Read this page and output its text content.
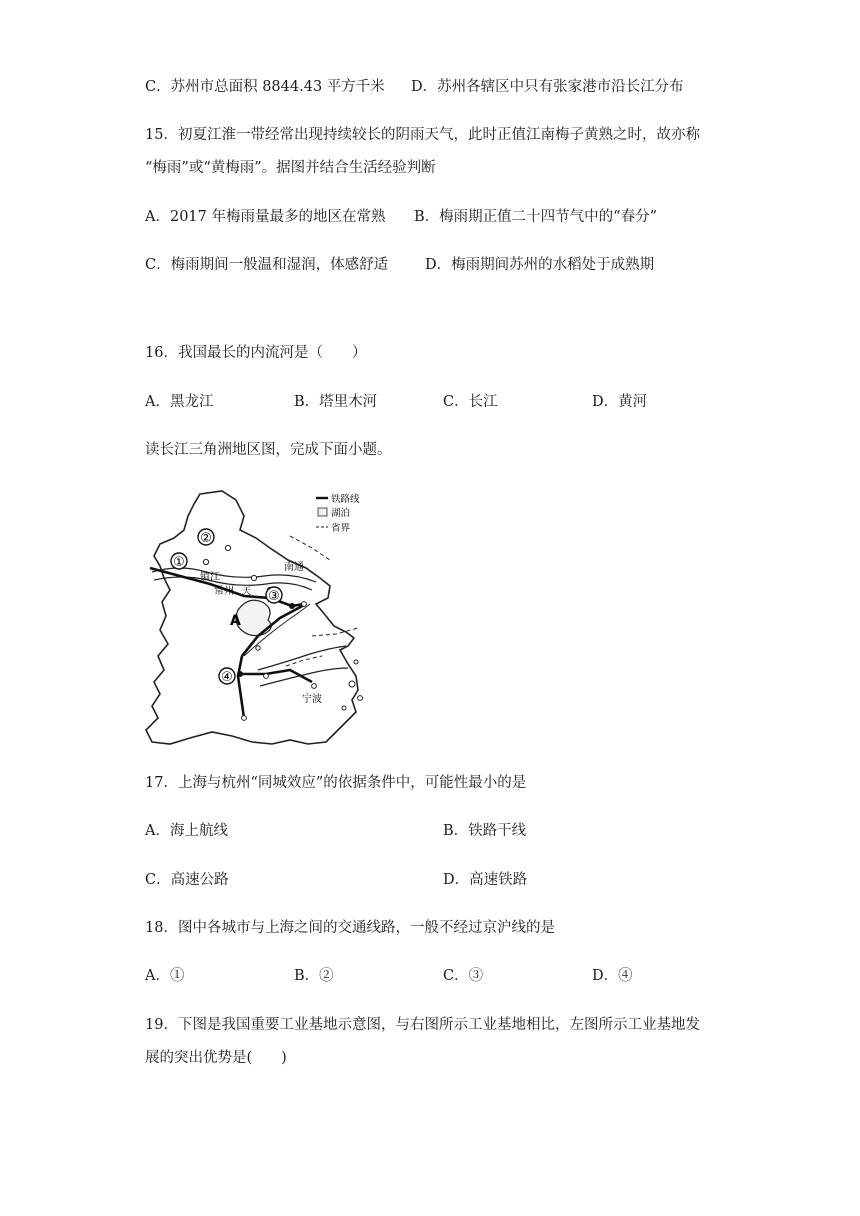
C．苏州市总面积 8844.43 平方千米 D．苏州各辖区中只有张家港市沿长江分布
15．初夏江淮一带经常出现持续较长的阴雨天气，此时正值江南梅子黄熟之时，故亦称
“梅雨”或“黄梅雨”。据图并结合生活经验判断
A．2017 年梅雨量最多的地区在常熟 B．梅雨期正值二十四节气中的“春分”
C．梅雨期间一般温和湿润，体感舒适	D．梅雨期间苏州的水稻处于成熟期
16．我国最长的内流河是（　　）
A．黑龙江	B．塔里木河	C．长江	D．黄河
读长江三角洲地区图，完成下面小题。
②
①
③
④
A
镇江
常州 天
南通
宁波
铁路线
湖泊
省界
17．上海与杭州“同城效应”的依据条件中，可能性最小的是
A．海上航线	B．铁路干线
C．高速公路	D．高速铁路
18．图中各城市与上海之间的交通线路，一般不经过京沪线的是
A．①	B．②	C．③	D．④
19．下图是我国重要工业基地示意图，与右图所示工业基地相比，左图所示工业基地发
展的突出优势是(　　)
